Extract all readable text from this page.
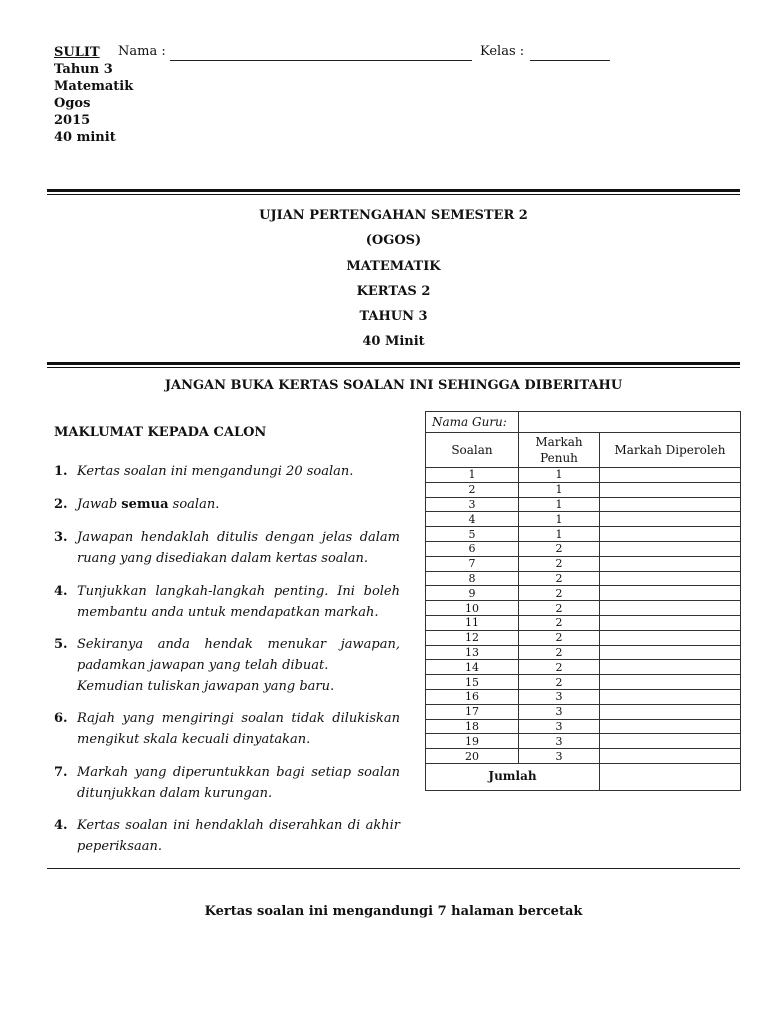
SULIT
Tahun 3
Matematik
Ogos
2015
40 minit
Nama :	Kelas :
UJIAN PERTENGAHAN SEMESTER 2
(OGOS)
MATEMATIK
KERTAS 2
TAHUN 3
40 Minit
JANGAN BUKA KERTAS SOALAN INI SEHINGGA DIBERITAHU
MAKLUMAT KEPADA CALON
1. Kertas soalan ini mengandungi 20 soalan.
2. Jawab semua soalan.
3. Jawapan hendaklah ditulis dengan jelas dalam ruang yang disediakan dalam kertas soalan.
4. Tunjukkan langkah-langkah penting. Ini boleh membantu anda untuk mendapatkan markah.
5. Sekiranya anda hendak menukar jawapan, padamkan jawapan yang telah dibuat.
Kemudian tuliskan jawapan yang baru.
6. Rajah yang mengiringi soalan tidak dilukiskan mengikut skala kecuali dinyatakan.
7. Markah yang diperuntukkan bagi setiap soalan ditunjukkan dalam kurungan.
4. Kertas soalan ini hendaklah diserahkan di akhir peperiksaan.
Nama Guru:		
Soalan	Markah Penuh	Markah Diperoleh
1	1	
2	1	
3	1	
4	1	
5	1	
6	2	
7	2	
8	2	
9	2	
10	2	
11	2	
12	2	
13	2	
14	2	
15	2	
16	3	
17	3	
18	3	
19	3	
20	3	
Jumlah		
Kertas soalan ini mengandungi 7 halaman bercetak
